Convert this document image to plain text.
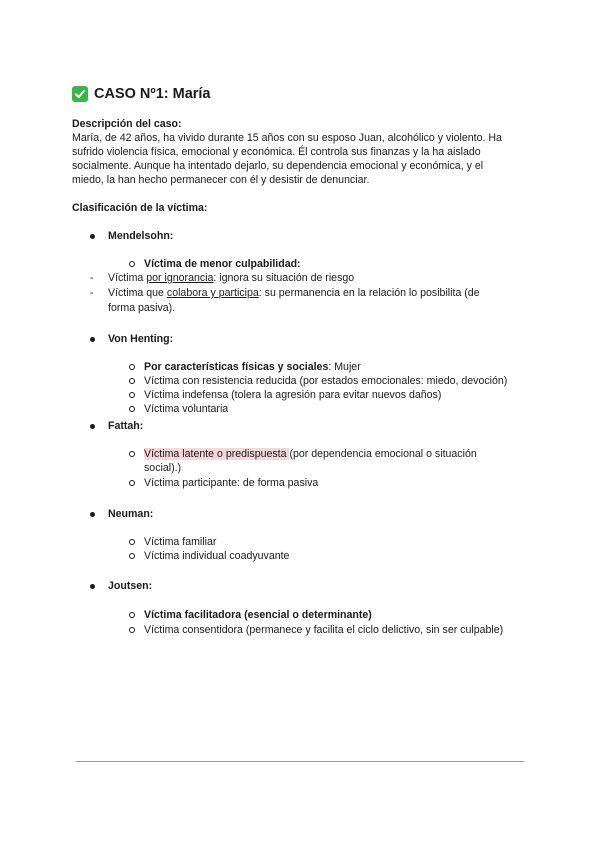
CASO Nº1: María
Descripción del caso:
María, de 42 años, ha vivido durante 15 años con su esposo Juan, alcohólico y violento. Ha
sufrido violencia física, emocional y económica. Él controla sus finanzas y la ha aislado
socialmente. Aunque ha intentado dejarlo, su dependencia emocional y económica, y el
miedo, la han hecho permanecer con él y desistir de denunciar.
Clasificación de la víctima:
Mendelsohn:
Víctima de menor culpabilidad:
- Víctima por ignorancia: ignora su situación de riesgo
- Víctima que colabora y participa: su permanencia en la relación lo posibilita (de
forma pasiva).
Von Henting:
Por características físicas y sociales: Mujer
Víctima con resistencia reducida (por estados emocionales: miedo, devoción)
Víctima indefensa (tolera la agresión para evitar nuevos daños)
Víctima voluntaria
Fattah:
Víctima latente o predispuesta (por dependencia emocional o situación
social).)
Víctima participante: de forma pasiva
Neuman:
Víctima familiar
Víctima individual coadyuvante
Joutsen:
Víctima facilitadora (esencial o determinante)
Víctima consentidora (permanece y facilita el ciclo delictivo, sin ser culpable)
